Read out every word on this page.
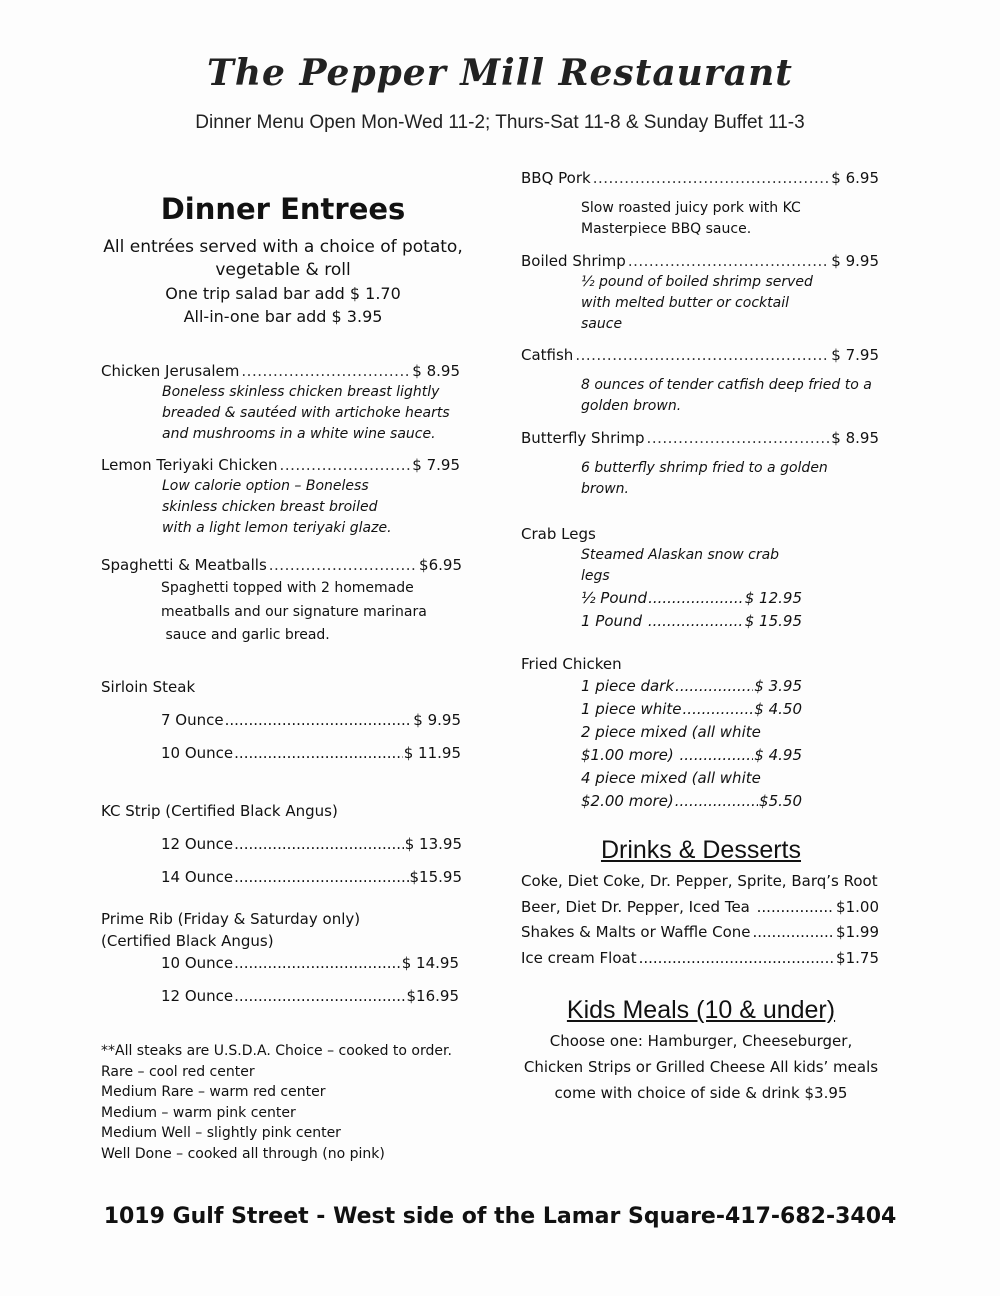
The Pepper Mill Restaurant
Dinner Menu Open Mon-Wed 11-2; Thurs-Sat 11-8 & Sunday Buffet 11-3
Dinner Entrees
All entrées served with a choice of potato,
vegetable & roll
One trip salad bar add $ 1.70
All-in-one bar add $ 3.95
Chicken Jerusalem .....	$ 8.95
Boneless skinless chicken breast lightly
breaded & sautéed with artichoke hearts
and mushrooms in a white wine sauce.
Lemon Teriyaki Chicken .....	$ 7.95
Low calorie option – Boneless
skinless chicken breast broiled
with a light lemon teriyaki glaze.
Spaghetti & Meatballs .....	$6.95
Spaghetti topped with 2 homemade
meatballs and our signature marinara
sauce and garlic bread.
Sirloin Steak
7 Ounce .....	$ 9.95
10 Ounce .....	$ 11.95
KC Strip (Certified Black Angus)
12 Ounce .....	$ 13.95
14 Ounce .....	$15.95
Prime Rib (Friday & Saturday only)
(Certified Black Angus)
10 Ounce .....	$ 14.95
12 Ounce .....	$16.95
**All steaks are U.S.D.A. Choice – cooked to order.
Rare – cool red center
Medium Rare – warm red center
Medium – warm pink center
Medium Well – slightly pink center
Well Done – cooked all through (no pink)
BBQ Pork .....	$ 6.95
Slow roasted juicy pork with KC
Masterpiece BBQ sauce.
Boiled Shrimp .....	$ 9.95
½ pound of boiled shrimp served
with melted butter or cocktail
sauce
Catfish .....	$ 7.95
8 ounces of tender catfish deep fried to a
golden brown.
Butterfly Shrimp .....	$ 8.95
6 butterfly shrimp fried to a golden brown.
Crab Legs
Steamed Alaskan snow crab legs
½ Pound .....	$ 12.95
1 Pound .....	$ 15.95
Fried Chicken
1 piece dark .....	$ 3.95
1 piece white .....	$ 4.50
2 piece mixed (all white
$1.00 more) .....	$ 4.95
4 piece mixed (all white
$2.00 more) .....	$5.50
Drinks & Desserts
Coke, Diet Coke, Dr. Pepper, Sprite, Barq’s Root
Beer, Diet Dr. Pepper, Iced Tea .....	$1.00
Shakes & Malts or Waffle Cone .....	$1.99
Ice cream Float .....	$1.75
Kids Meals (10 & under)
Choose one: Hamburger, Cheeseburger,
Chicken Strips or Grilled Cheese All kids’ meals
come with choice of side & drink $3.95
1019 Gulf Street - West side of the Lamar Square-417-682-3404
